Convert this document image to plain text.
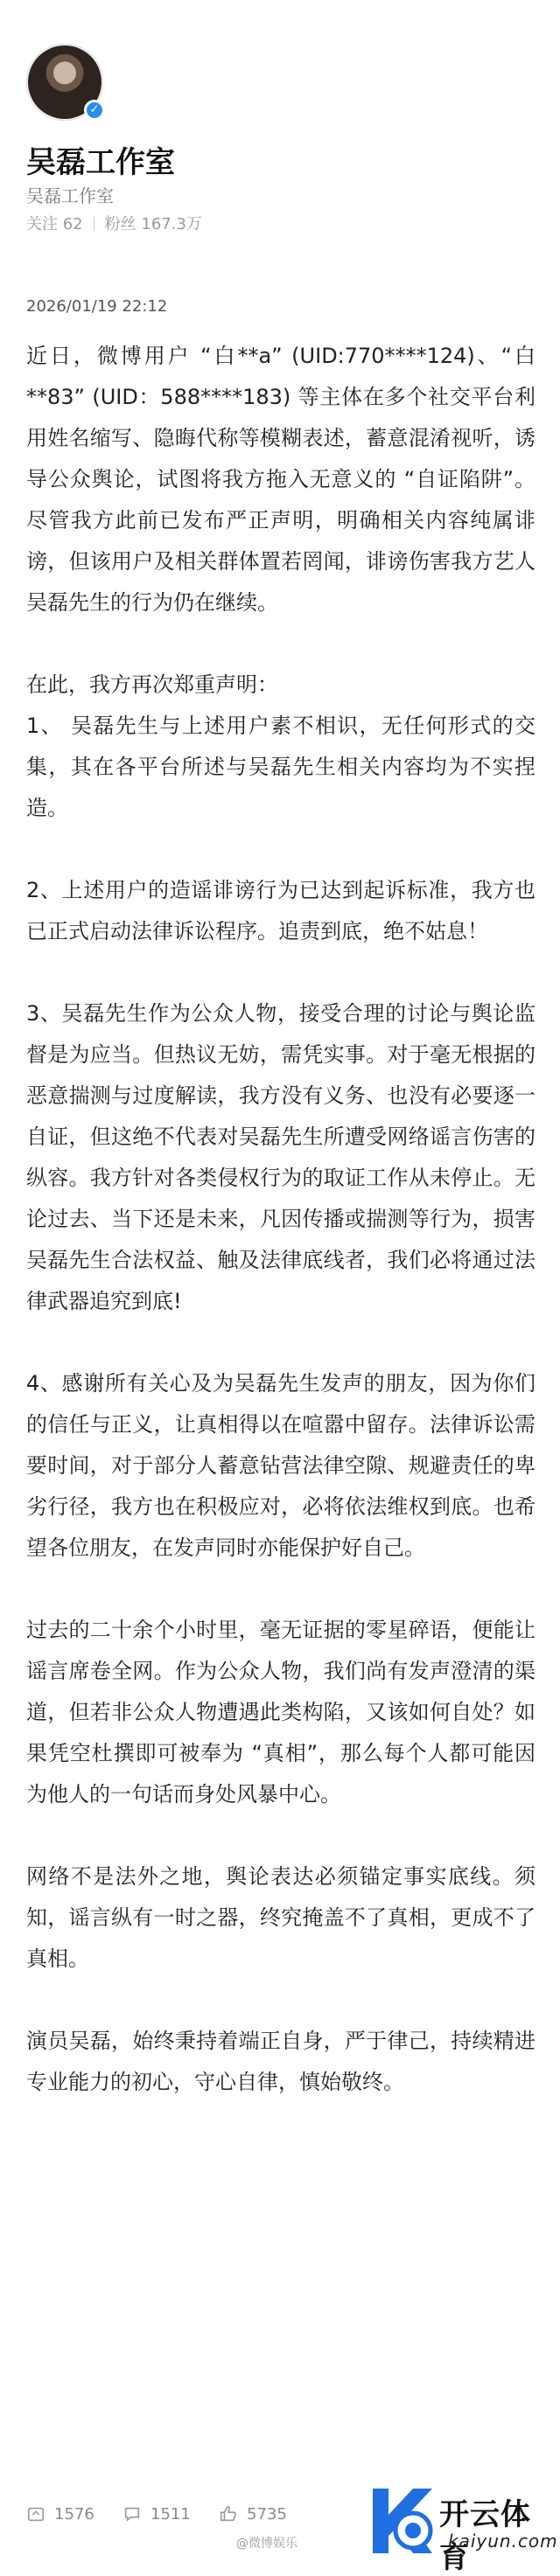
✓
吴磊工作室
吴磊工作室
关注 62 粉丝 167.3万
2026/01/19 22:12

近日，微博用户 “白**a” (UID:770****124)、“白**83” (UID：588****183) 等主体在多个社交平台利用姓名缩写、隐晦代称等模糊表述，蓄意混淆视听，诱导公众舆论，试图将我方拖入无意义的 “自证陷阱”。尽管我方此前已发布严正声明，明确相关内容纯属诽谤，但该用户及相关群体置若罔闻，诽谤伤害我方艺人吴磊先生的行为仍在继续。

在此，我方再次郑重声明：

1、 吴磊先生与上述用户素不相识，无任何形式的交集，其在各平台所述与吴磊先生相关内容均为不实捏造。

2、上述用户的造谣诽谤行为已达到起诉标准，我方也已正式启动法律诉讼程序。追责到底，绝不姑息！

3、吴磊先生作为公众人物，接受合理的讨论与舆论监督是为应当。但热议无妨，需凭实事。对于毫无根据的恶意揣测与过度解读，我方没有义务、也没有必要逐一自证，但这绝不代表对吴磊先生所遭受网络谣言伤害的纵容。我方针对各类侵权行为的取证工作从未停止。无论过去、当下还是未来，凡因传播或揣测等行为，损害吴磊先生合法权益、触及法律底线者，我们必将通过法律武器追究到底!

4、感谢所有关心及为吴磊先生发声的朋友，因为你们的信任与正义，让真相得以在喧嚣中留存。法律诉讼需要时间，对于部分人蓄意钻营法律空隙、规避责任的卑劣行径，我方也在积极应对，必将依法维权到底。也希望各位朋友，在发声同时亦能保护好自己。

过去的二十余个小时里，毫无证据的零星碎语，便能让谣言席卷全网。作为公众人物，我们尚有发声澄清的渠道，但若非公众人物遭遇此类构陷，又该如何自处？如果凭空杜撰即可被奉为 “真相”，那么每个人都可能因为他人的一句话而身处风暴中心。

网络不是法外之地，舆论表达必须锚定事实底线。须知，谣言纵有一时之器，终究掩盖不了真相，更成不了真相。

演员吴磊，始终秉持着端正自身，严于律己，持续精进专业能力的初心，守心自律，慎始敬终。

1576	1511	5735
@微博娱乐
开云体育
kaiyun.com
